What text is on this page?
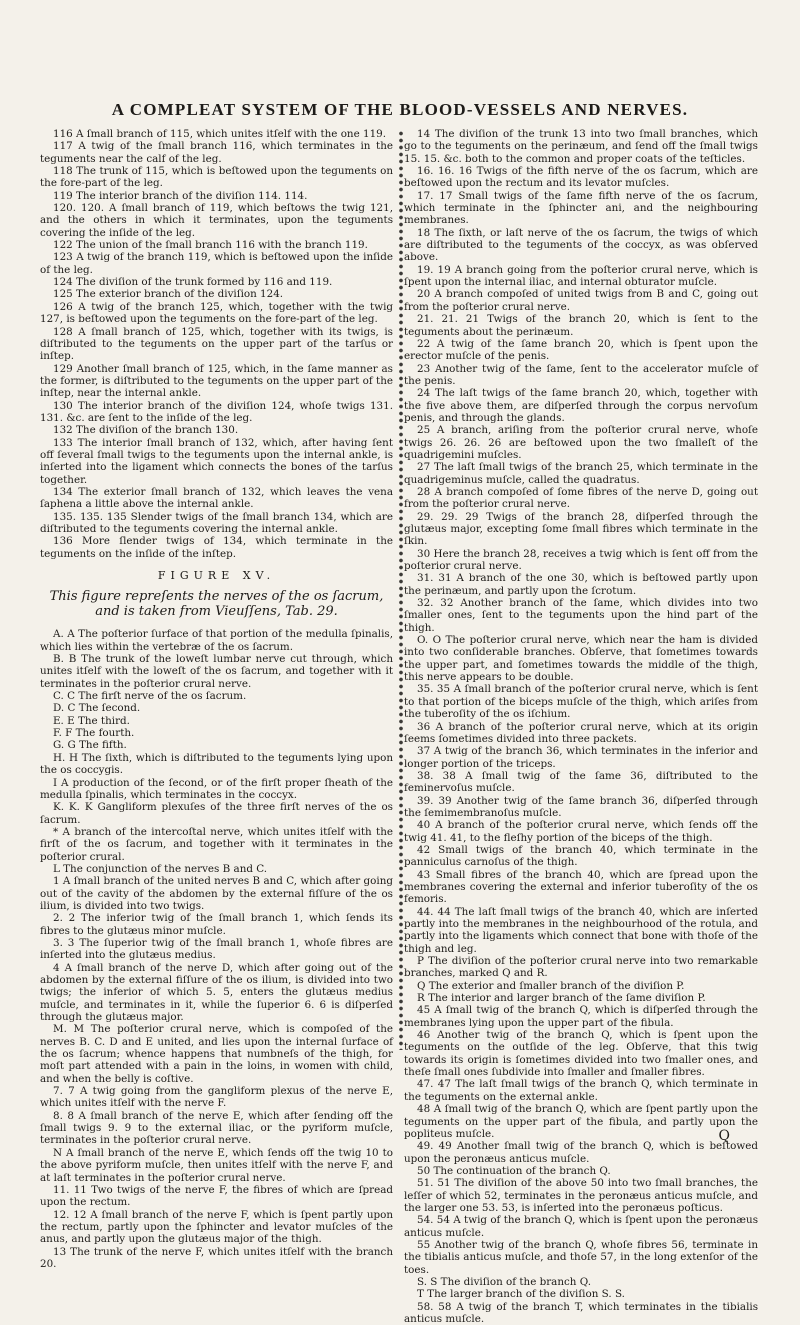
A COMPLEAT SYSTEM OF THE BLOOD-VESSELS AND NERVES.

116 A ſmall branch of 115, which unites itſelf with the one 119.

117 A twig of the ſmall branch 116, which terminates in the teguments near the calf of the leg.

118 The trunk of 115, which is beſtowed upon the teguments on the fore-part of the leg.

119 The interior branch of the diviſion 114. 114.

120. 120. A ſmall branch of 119, which beſtows the twig 121, and the others in which it terminates, upon the teguments covering the inſide of the leg.

122 The union of the ſmall branch 116 with the branch 119.

123 A twig of the branch 119, which is beſtowed upon the inſide of the leg.

124 The diviſion of the trunk formed by 116 and 119.

125 The exterior branch of the diviſion 124.

126 A twig of the branch 125, which, together with the twig 127, is beſtowed upon the teguments on the fore-part of the leg.

128 A ſmall branch of 125, which, together with its twigs, is diſtributed to the teguments on the upper part of the tarſus or inſtep.

129 Another ſmall branch of 125, which, in the ſame manner as the former, is diſtributed to the teguments on the upper part of the inſtep, near the internal ankle.

130 The interior branch of the diviſion 124, whoſe twigs 131. 131. &c. are ſent to the inſide of the leg.

132 The diviſion of the branch 130.

133 The interior ſmall branch of 132, which, after having ſent off ſeveral ſmall twigs to the teguments upon the internal ankle, is inſerted into the ligament which connects the bones of the tarſus together.

134 The exterior ſmall branch of 132, which leaves the vena ſaphena a little above the internal ankle.

135. 135. 135 Slender twigs of the ſmall branch 134, which are diſtributed to the teguments covering the internal ankle.

136 More ſlender twigs of 134, which terminate in the teguments on the inſide of the inſtep.

FIGURE XV.

This figure repreſents the nerves of the os ſacrum, and is taken from Vieuſſens, Tab. 29.

A. A The poſterior ſurface of that portion of the medulla ſpinalis, which lies within the vertebræ of the os ſacrum.

B. B The trunk of the loweſt lumbar nerve cut through, which unites itſelf with the loweſt of the os ſacrum, and together with it terminates in the poſterior crural nerve.

C. C The firſt nerve of the os ſacrum.

D. C The ſecond.

E. E The third.

F. F The fourth.

G. G The fifth.

H. H The ſixth, which is diſtributed to the teguments lying upon the os coccygis.

I A production of the ſecond, or of the firſt proper ſheath of the medulla ſpinalis, which terminates in the coccyx.

K. K. K Gangliform plexuſes of the three firſt nerves of the os ſacrum.

* A branch of the intercoſtal nerve, which unites itſelf with the firſt of the os ſacrum, and together with it terminates in the poſterior crural.

L The conjunction of the nerves B and C.

1 A ſmall branch of the united nerves B and C, which after going out of the cavity of the abdomen by the external fiſſure of the os ilium, is divided into two twigs.

2. 2 The inferior twig of the ſmall branch 1, which ſends its fibres to the glutæus minor muſcle.

3. 3 The ſuperior twig of the ſmall branch 1, whoſe fibres are inſerted into the glutæus medius.

4 A ſmall branch of the nerve D, which after going out of the abdomen by the external fiſſure of the os ilium, is divided into two twigs; the inferior of which 5. 5, enters the glutæus medius muſcle, and terminates in it, while the ſuperior 6. 6 is diſperſed through the glutæus major.

M. M The poſterior crural nerve, which is compoſed of the nerves B. C. D and E united, and lies upon the internal ſurface of the os ſacrum; whence happens that numbneſs of the thigh, for moſt part attended with a pain in the loins, in women with child, and when the belly is coſtive.

7. 7 A twig going from the gangliform plexus of the nerve E, which unites itſelf with the nerve F.

8. 8 A ſmall branch of the nerve E, which after ſending off the ſmall twigs 9. 9 to the external iliac, or the pyriform muſcle, terminates in the poſterior crural nerve.

N A ſmall branch of the nerve E, which ſends off the twig 10 to the above pyriform muſcle, then unites itſelf with the nerve F, and at laſt terminates in the poſterior crural nerve.

11. 11 Two twigs of the nerve F, the fibres of which are ſpread upon the rectum.

12. 12 A ſmall branch of the nerve F, which is ſpent partly upon the rectum, partly upon the ſphincter and levator muſcles of the anus, and partly upon the glutæus major of the thigh.

13 The trunk of the nerve F, which unites itſelf with the branch 20.

14 The diviſion of the trunk 13 into two ſmall branches, which go to the teguments on the perinæum, and ſend off the ſmall twigs 15. 15. &c. both to the common and proper coats of the teſticles.

16. 16. 16 Twigs of the fifth nerve of the os ſacrum, which are beſtowed upon the rectum and its levator muſcles.

17. 17 Small twigs of the ſame fifth nerve of the os ſacrum, which terminate in the ſphincter ani, and the neighbouring membranes.

18 The ſixth, or laſt nerve of the os ſacrum, the twigs of which are diſtributed to the teguments of the coccyx, as was obſerved above.

19. 19 A branch going from the poſterior crural nerve, which is ſpent upon the internal iliac, and internal obturator muſcle.

20 A branch compoſed of united twigs from B and C, going out from the poſterior crural nerve.

21. 21. 21 Twigs of the branch 20, which is ſent to the teguments about the perinæum.

22 A twig of the ſame branch 20, which is ſpent upon the erector muſcle of the penis.

23 Another twig of the ſame, ſent to the accelerator muſcle of the penis.

24 The laſt twigs of the ſame branch 20, which, together with the five above them, are diſperſed through the corpus nervoſum penis, and through the glands.

25 A branch, ariſing from the poſterior crural nerve, whoſe twigs 26. 26. 26 are beſtowed upon the two ſmalleſt of the quadrigemini muſcles.

27 The laſt ſmall twigs of the branch 25, which terminate in the quadrigeminus muſcle, called the quadratus.

28 A branch compoſed of ſome fibres of the nerve D, going out from the poſterior crural nerve.

29. 29. 29 Twigs of the branch 28, diſperſed through the glutæus major, excepting ſome ſmall fibres which terminate in the ſkin.

30 Here the branch 28, receives a twig which is ſent off from the poſterior crural nerve.

31. 31 A branch of the one 30, which is beſtowed partly upon the perinæum, and partly upon the ſcrotum.

32. 32 Another branch of the ſame, which divides into two ſmaller ones, ſent to the teguments upon the hind part of the thigh.

O. O The poſterior crural nerve, which near the ham is divided into two conſiderable branches. Obſerve, that ſometimes towards the upper part, and ſometimes towards the middle of the thigh, this nerve appears to be double.

35. 35 A ſmall branch of the poſterior crural nerve, which is ſent to that portion of the biceps muſcle of the thigh, which ariſes from the tuberoſity of the os iſchium.

36 A branch of the poſterior crural nerve, which at its origin ſeems ſometimes divided into three packets.

37 A twig of the branch 36, which terminates in the inferior and longer portion of the triceps.

38. 38 A ſmall twig of the ſame 36, diſtributed to the feminervoſus muſcle.

39. 39 Another twig of the ſame branch 36, diſperſed through the ſemimembranoſus muſcle.

40 A branch of the poſterior crural nerve, which ſends off the twig 41. 41, to the fleſhy portion of the biceps of the thigh.

42 Small twigs of the branch 40, which terminate in the panniculus carnoſus of the thigh.

43 Small fibres of the branch 40, which are ſpread upon the membranes covering the external and inferior tuberoſity of the os femoris.

44. 44 The laſt ſmall twigs of the branch 40, which are inſerted partly into the membranes in the neighbourhood of the rotula, and partly into the ligaments which connect that bone with thoſe of the thigh and leg.

P The diviſion of the poſterior crural nerve into two remarkable branches, marked Q and R.

Q The exterior and ſmaller branch of the diviſion P.

R The interior and larger branch of the ſame diviſion P.

45 A ſmall twig of the branch Q, which is diſperſed through the membranes lying upon the upper part of the fibula.

46 Another twig of the branch Q, which is ſpent upon the teguments on the outſide of the leg. Obſerve, that this twig towards its origin is ſometimes divided into two ſmaller ones, and theſe ſmall ones ſubdivide into ſmaller and ſmaller fibres.

47. 47 The laſt ſmall twigs of the branch Q, which terminate in the teguments on the external ankle.

48 A ſmall twig of the branch Q, which are ſpent partly upon the teguments on the upper part of the fibula, and partly upon the popliteus muſcle.

49. 49 Another ſmall twig of the branch Q, which is beſtowed upon the peronæus anticus muſcle.

50 The continuation of the branch Q.

51. 51 The diviſion of the above 50 into two ſmall branches, the leſſer of which 52, terminates in the peronæus anticus muſcle, and the larger one 53. 53, is inſerted into the peronæus poſticus.

54. 54 A twig of the branch Q, which is ſpent upon the peronæus anticus muſcle.

55 Another twig of the branch Q, whoſe fibres 56, terminate in the tibialis anticus muſcle, and thoſe 57, in the long extenſor of the toes.

S. S The diviſion of the branch Q.

T The larger branch of the diviſion S. S.

58. 58 A twig of the branch T, which terminates in the tibialis anticus muſcle.

Q
